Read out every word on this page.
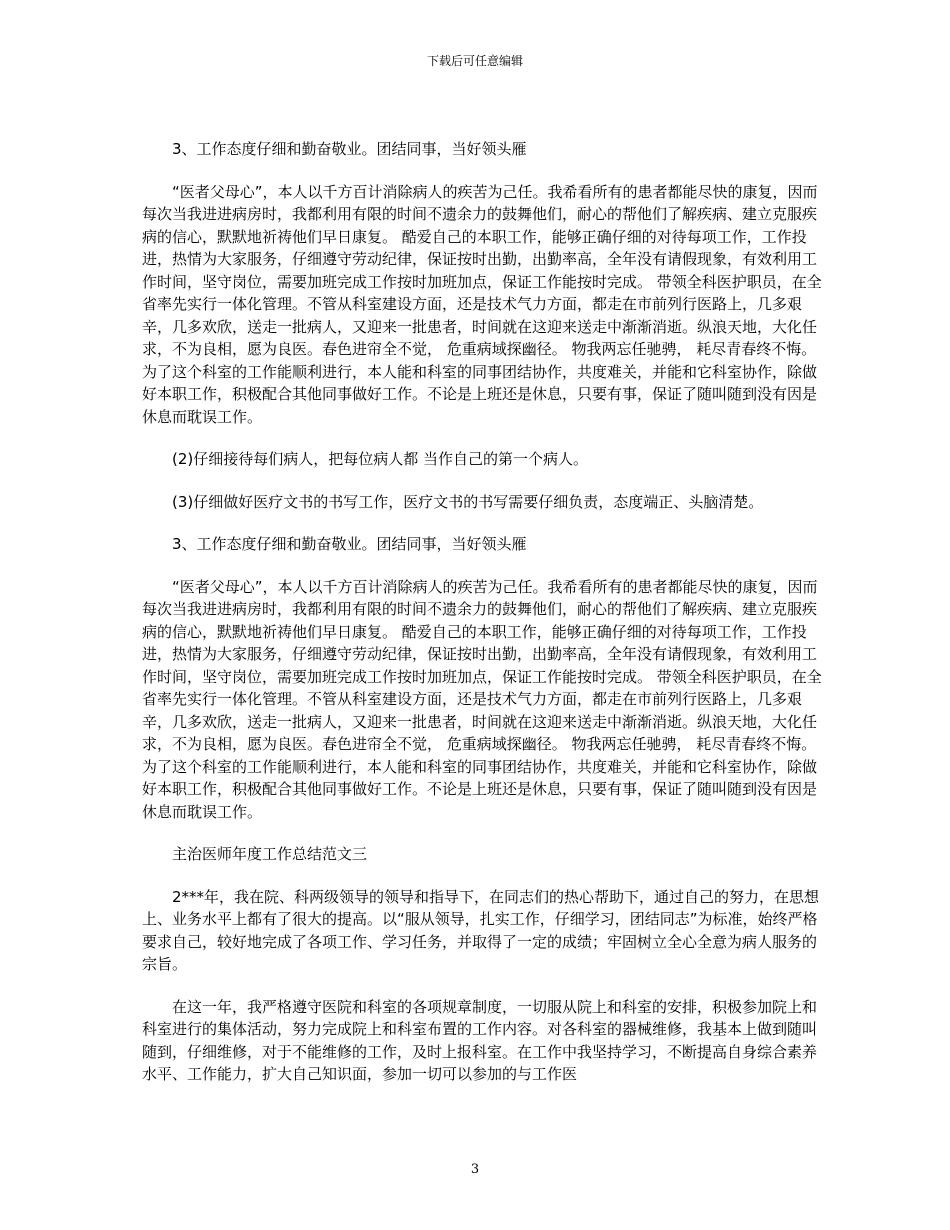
下载后可任意编辑

3、工作态度仔细和勤奋敬业。团结同事，当好领头雁

“医者父母心”，本人以千方百计消除病人的疾苦为己任。我希看所有的患者都能尽快的康复，因而每次当我进进病房时，我都利用有限的时间不遗余力的鼓舞他们，耐心的帮他们了解疾病、建立克服疾病的信心，默默地祈祷他们早日康复。 酷爱自己的本职工作，能够正确仔细的对待每项工作，工作投进，热情为大家服务，仔细遵守劳动纪律，保证按时出勤，出勤率高，全年没有请假现象，有效利用工作时间，坚守岗位，需要加班完成工作按时加班加点，保证工作能按时完成。 带领全科医护职员，在全省率先实行一体化管理。不管从科室建设方面，还是技术气力方面，都走在市前列行医路上，几多艰辛，几多欢欣，送走一批病人，又迎来一批患者，时间就在这迎来送走中渐渐消逝。纵浪天地，大化任求，不为良相，愿为良医。春色进帘全不觉， 危重病域探幽径。 物我两忘任驰骋， 耗尽青春终不悔。为了这个科室的工作能顺利进行，本人能和科室的同事团结协作，共度难关，并能和它科室协作，除做好本职工作，积极配合其他同事做好工作。不论是上班还是休息，只要有事，保证了随叫随到没有因是休息而耽误工作。

(2)仔细接待每们病人，把每位病人都 当作自己的第一个病人。

(3)仔细做好医疗文书的书写工作，医疗文书的书写需要仔细负责，态度端正、头脑清楚。

3、工作态度仔细和勤奋敬业。团结同事，当好领头雁

“医者父母心”，本人以千方百计消除病人的疾苦为己任。我希看所有的患者都能尽快的康复，因而每次当我进进病房时，我都利用有限的时间不遗余力的鼓舞他们，耐心的帮他们了解疾病、建立克服疾病的信心，默默地祈祷他们早日康复。 酷爱自己的本职工作，能够正确仔细的对待每项工作，工作投进，热情为大家服务，仔细遵守劳动纪律，保证按时出勤，出勤率高，全年没有请假现象，有效利用工作时间，坚守岗位，需要加班完成工作按时加班加点，保证工作能按时完成。 带领全科医护职员，在全省率先实行一体化管理。不管从科室建设方面，还是技术气力方面，都走在市前列行医路上，几多艰辛，几多欢欣，送走一批病人，又迎来一批患者，时间就在这迎来送走中渐渐消逝。纵浪天地，大化任求，不为良相，愿为良医。春色进帘全不觉， 危重病域探幽径。 物我两忘任驰骋， 耗尽青春终不悔。为了这个科室的工作能顺利进行，本人能和科室的同事团结协作，共度难关，并能和它科室协作，除做好本职工作，积极配合其他同事做好工作。不论是上班还是休息，只要有事，保证了随叫随到没有因是休息而耽误工作。

主治医师年度工作总结范文三

2***年，我在院、科两级领导的领导和指导下，在同志们的热心帮助下，通过自己的努力，在思想上、业务水平上都有了很大的提高。以“服从领导，扎实工作，仔细学习，团结同志”为标准，始终严格要求自己，较好地完成了各项工作、学习任务，并取得了一定的成绩；牢固树立全心全意为病人服务的宗旨。

在这一年，我严格遵守医院和科室的各项规章制度，一切服从院上和科室的安排，积极参加院上和科室进行的集体活动，努力完成院上和科室布置的工作内容。对各科室的器械维修，我基本上做到随叫随到，仔细维修，对于不能维修的工作，及时上报科室。在工作中我坚持学习，不断提高自身综合素养水平、工作能力，扩大自己知识面，参加一切可以参加的与工作医

3
